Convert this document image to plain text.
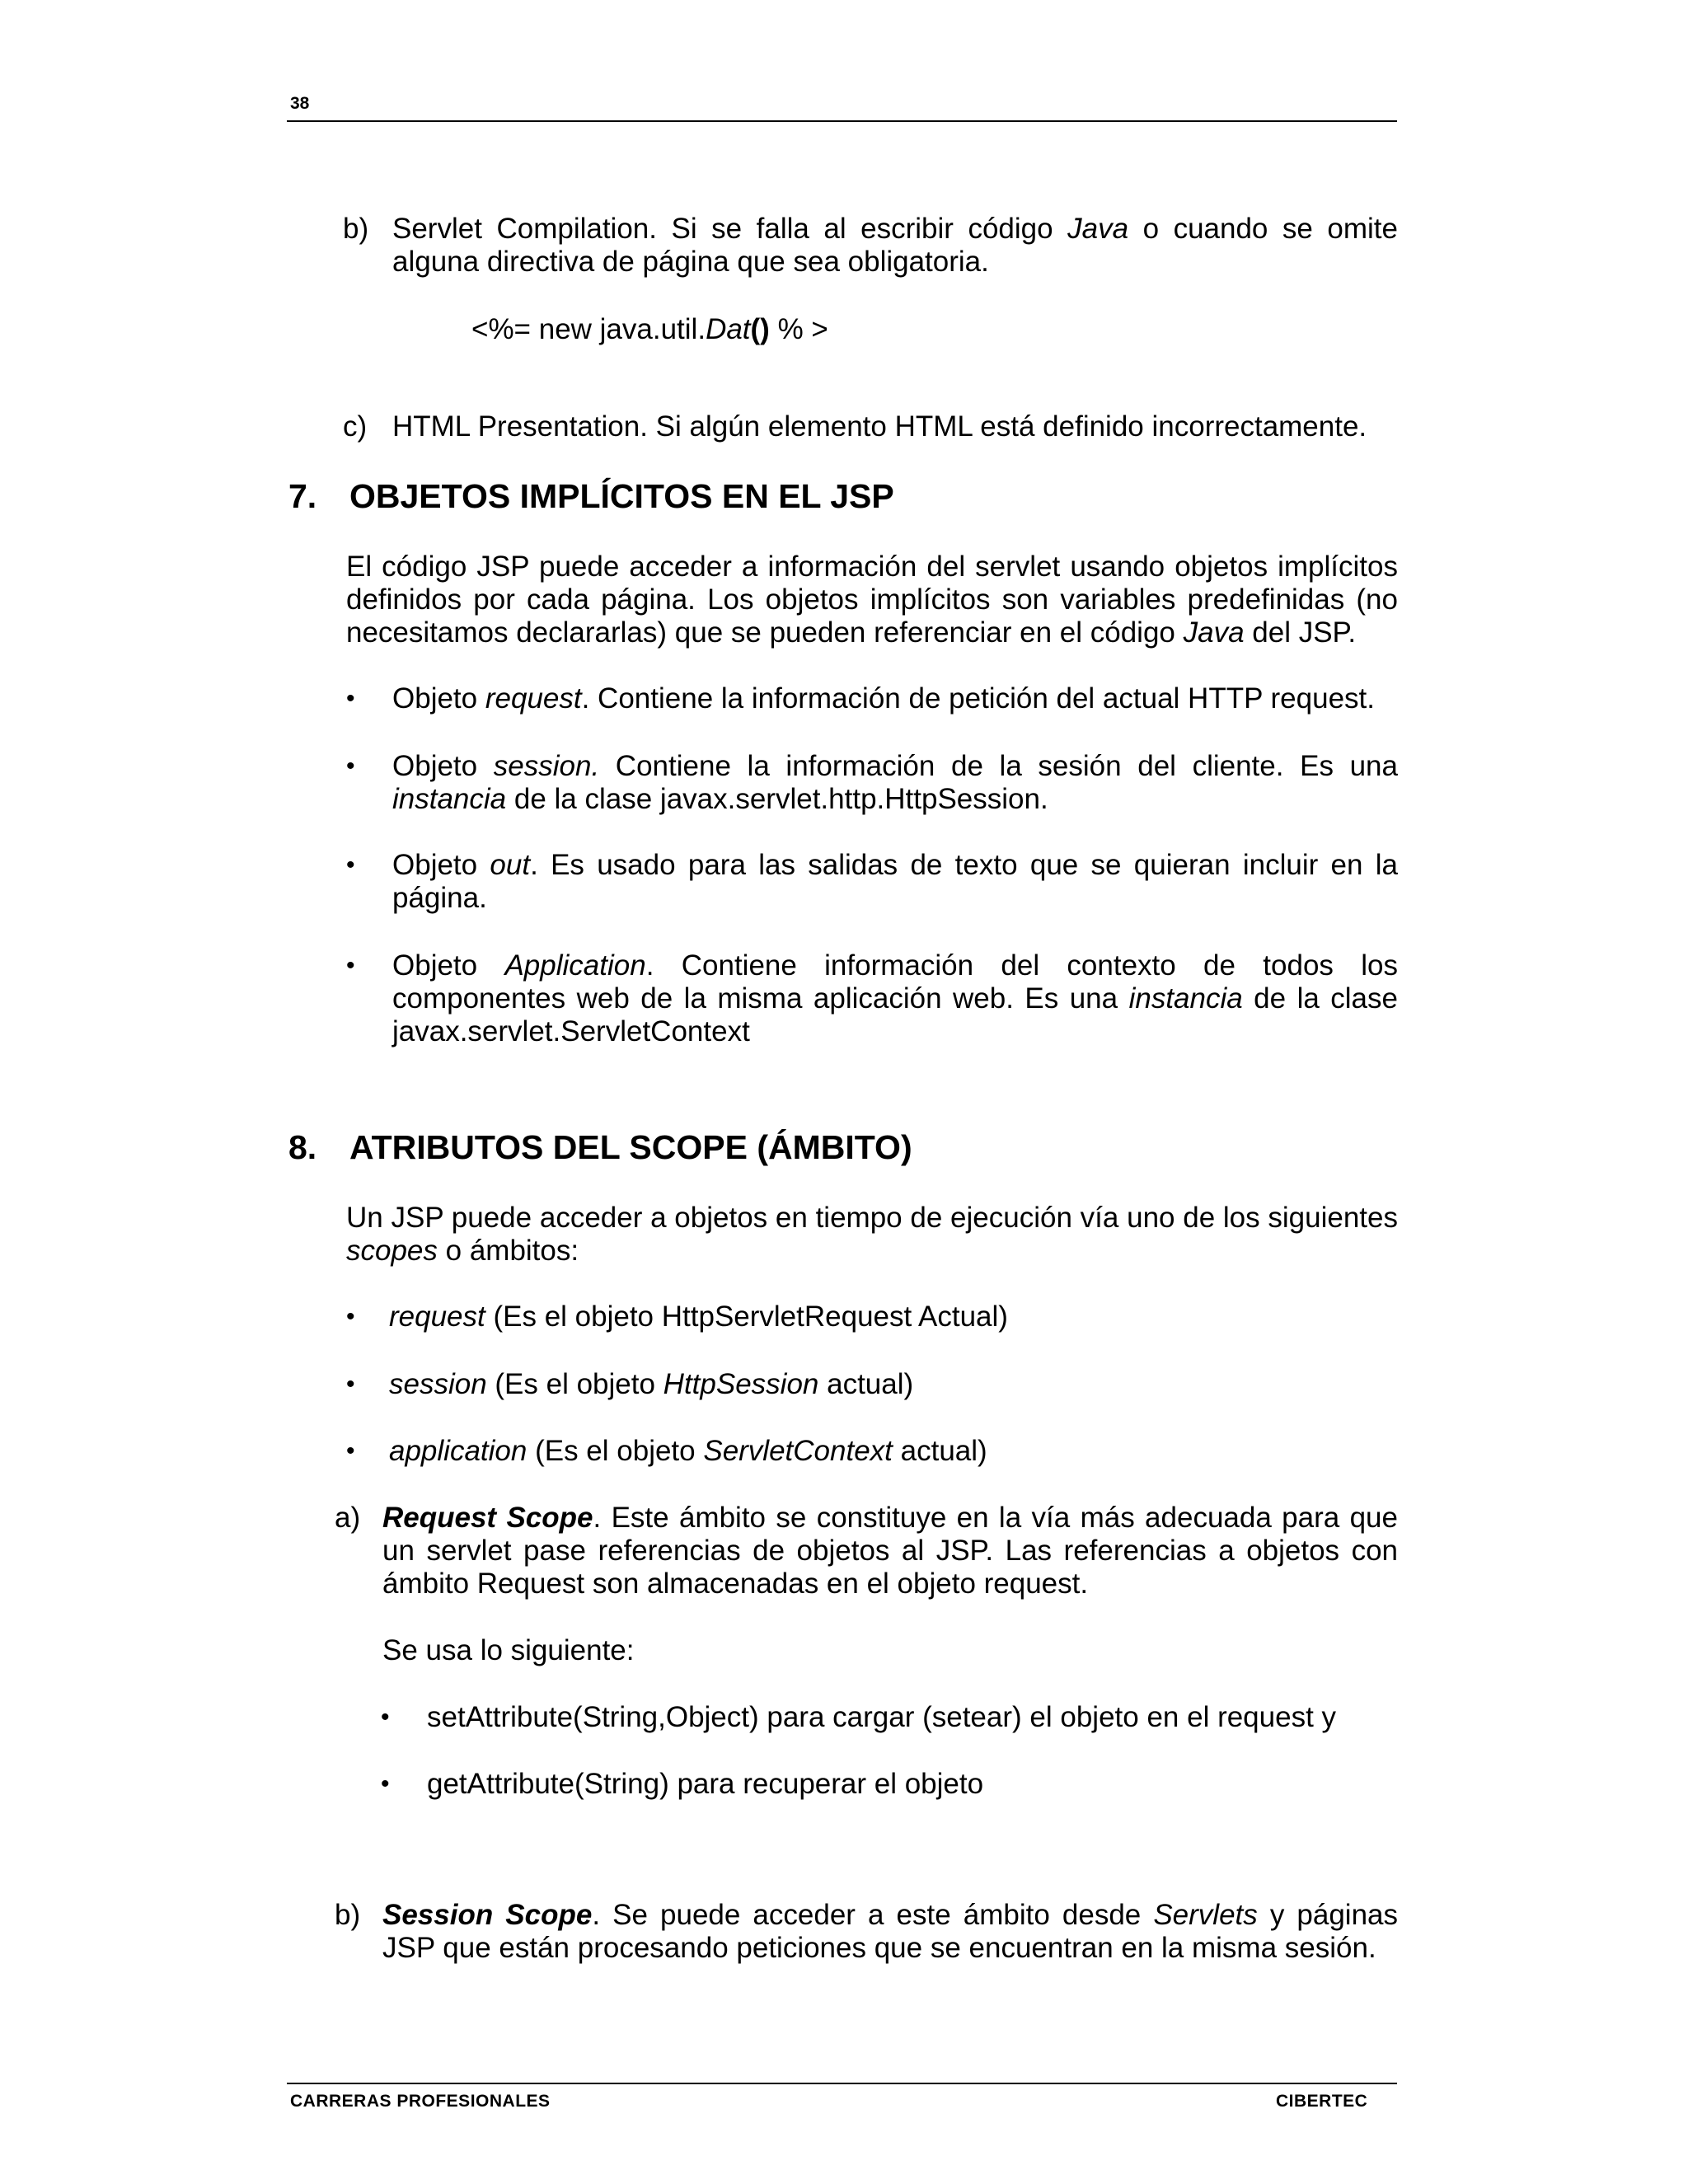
38
b) Servlet Compilation. Si se falla al escribir código Java o cuando se omite alguna directiva de página que sea obligatoria.
<%= new java.util.Dat() % >
c) HTML Presentation. Si algún elemento HTML está definido incorrectamente.
7. OBJETOS IMPLÍCITOS EN EL JSP
El código JSP puede acceder a información del servlet usando objetos implícitos definidos por cada página. Los objetos implícitos son variables predefinidas (no necesitamos declararlas) que se pueden referenciar en el código Java del JSP.
• Objeto request. Contiene la información de petición del actual HTTP request.
• Objeto session. Contiene la información de la sesión del cliente. Es una instancia de la clase javax.servlet.http.HttpSession.
• Objeto out. Es usado para las salidas de texto que se quieran incluir en la página.
• Objeto Application. Contiene información del contexto de todos los componentes web de la misma aplicación web. Es una instancia de la clase javax.servlet.ServletContext
8. ATRIBUTOS DEL SCOPE (ÁMBITO)
Un JSP puede acceder a objetos en tiempo de ejecución vía uno de los siguientes scopes o ámbitos:
• request (Es el objeto HttpServletRequest Actual)
• session (Es el objeto HttpSession actual)
• application (Es el objeto ServletContext actual)
a) Request Scope. Este ámbito se constituye en la vía más adecuada para que un servlet pase referencias de objetos al JSP. Las referencias a objetos con ámbito Request son almacenadas en el objeto request.
Se usa lo siguiente:
• setAttribute(String,Object) para cargar (setear) el objeto en el request y
• getAttribute(String) para recuperar el objeto
b) Session Scope. Se puede acceder a este ámbito desde Servlets y páginas JSP que están procesando peticiones que se encuentran en la misma sesión.
CARRERAS PROFESIONALES	CIBERTEC
